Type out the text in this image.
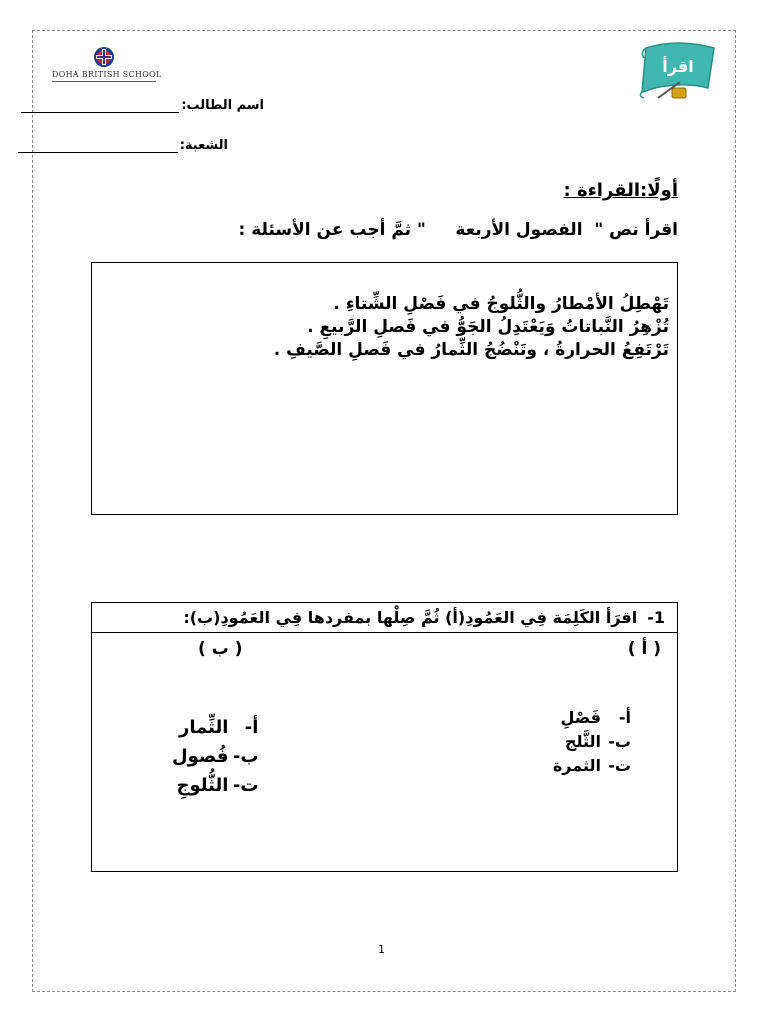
DOHA BRITISH SCHOOL	اقرأ
اسم الطالب:
الشعبة:
أولًا:القراءة :
اقرأ نص "  الفصول الأربعة     " ثمَّ أجب عن الأسئلة :
تَهْطِلُ الأمْطارُ والثُّلوجُ في فَصْلِ الشِّتاءِ .
تُزْهِرُ النَّباتاتُ وَيَعْتَدِلُ الجَوُّ في فَصلِ الرَّبيعِ .
تَرْتَفِعُ الحرارةُ ، وتَنْضُجُ الثِّمارُ في فَصلِ الصَّيفِ .
1-اقرَأ الكَلِمَة فِي العَمُودِ(أ) ثُمَّ صِلْها بمفردها فِي العَمُودِ(ب):
( أ )
( ب )
أ-
فَصْلِ
ب-
الثَّلج
ت-
الثمرة
أ-
الثِّمار
ب-
فُصول
ت-
الثُّلوجِ
1
